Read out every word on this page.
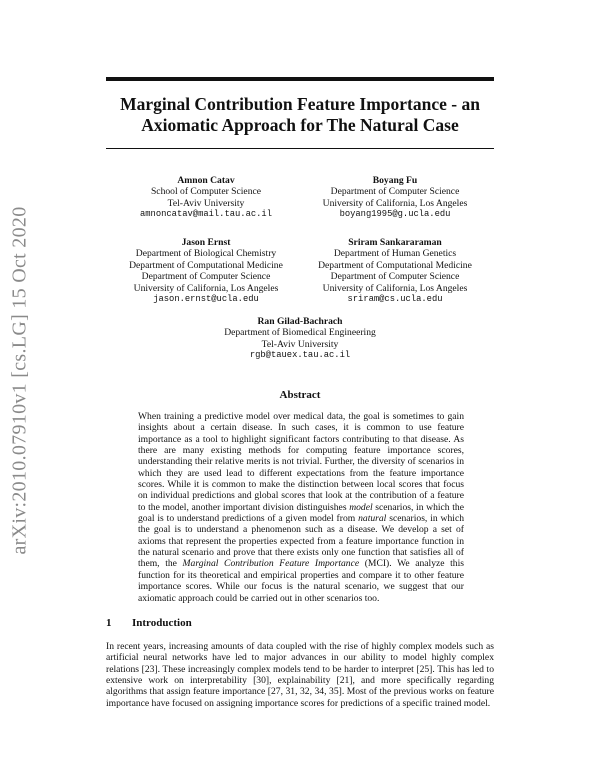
arXiv:2010.07910v1 [cs.LG] 15 Oct 2020
Marginal Contribution Feature Importance - an
Axiomatic Approach for The Natural Case
Amnon Catav
School of Computer Science
Tel-Aviv University
amnoncatav@mail.tau.ac.il
Boyang Fu
Department of Computer Science
University of California, Los Angeles
boyang1995@g.ucla.edu
Jason Ernst
Department of Biological Chemistry
Department of Computational Medicine
Department of Computer Science
University of California, Los Angeles
jason.ernst@ucla.edu
Sriram Sankararaman
Department of Human Genetics
Department of Computational Medicine
Department of Computer Science
University of California, Los Angeles
sriram@cs.ucla.edu
Ran Gilad-Bachrach
Department of Biomedical Engineering
Tel-Aviv University
rgb@tauex.tau.ac.il
Abstract
When training a predictive model over medical data, the goal is sometimes to gain insights about a certain disease. In such cases, it is common to use feature importance as a tool to highlight significant factors contributing to that disease. As there are many existing methods for computing feature importance scores, understanding their relative merits is not trivial. Further, the diversity of scenarios in which they are used lead to different expectations from the feature importance scores. While it is common to make the distinction between local scores that focus on individual predictions and global scores that look at the contribution of a feature to the model, another important division distinguishes model scenarios, in which the goal is to understand predictions of a given model from natural scenarios, in which the goal is to understand a phenomenon such as a disease. We develop a set of axioms that represent the properties expected from a feature importance function in the natural scenario and prove that there exists only one function that satisfies all of them, the Marginal Contribution Feature Importance (MCI). We analyze this function for its theoretical and empirical properties and compare it to other feature importance scores. While our focus is the natural scenario, we suggest that our axiomatic approach could be carried out in other scenarios too.
1 Introduction
In recent years, increasing amounts of data coupled with the rise of highly complex models such as artificial neural networks have led to major advances in our ability to model highly complex relations [23]. These increasingly complex models tend to be harder to interpret [25]. This has led to extensive work on interpretability [30], explainability [21], and more specifically regarding algorithms that assign feature importance [27, 31, 32, 34, 35]. Most of the previous works on feature importance have focused on assigning importance scores for predictions of a specific trained model.
